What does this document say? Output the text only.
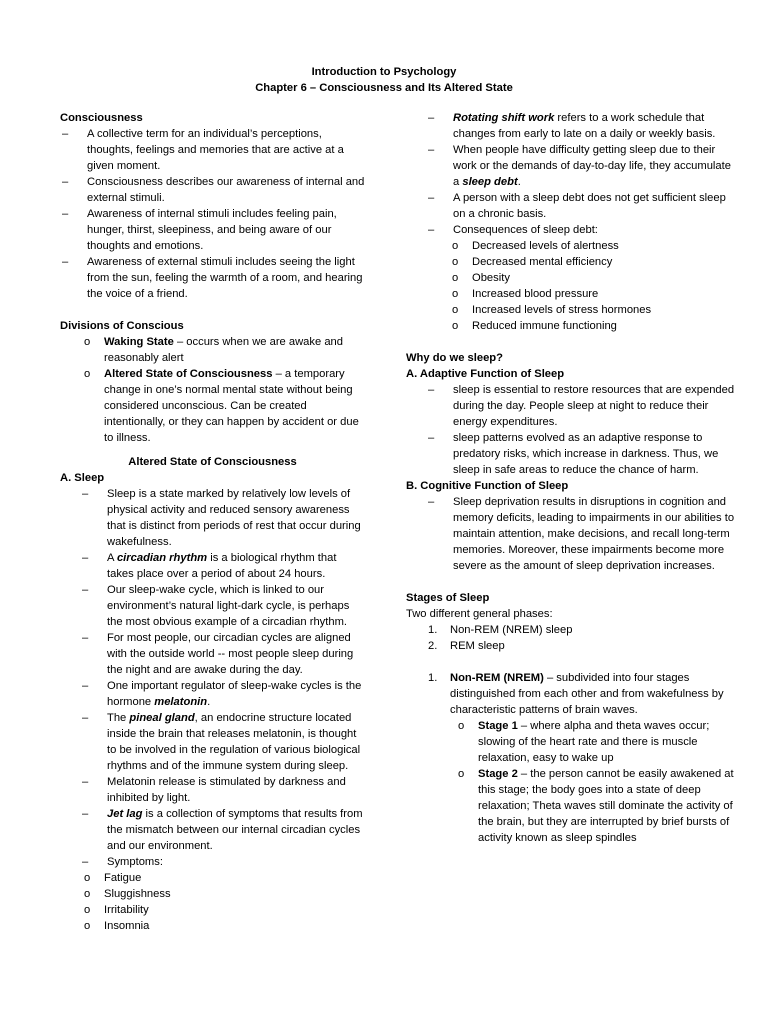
Introduction to Psychology
Chapter 6 – Consciousness and Its Altered State

Consciousness

– A collective term for an individual’s perceptions, thoughts, feelings and memories that are active at a given moment.
– Consciousness describes our awareness of internal and external stimuli.
– Awareness of internal stimuli includes feeling pain, hunger, thirst, sleepiness, and being aware of our thoughts and emotions.
– Awareness of external stimuli includes seeing the light from the sun, feeling the warmth of a room, and hearing the voice of a friend.

Divisions of Conscious

o Waking State – occurs when we are awake and reasonably alert
o Altered State of Consciousness – a temporary change in one’s normal mental state without being considered unconscious. Can be created intentionally, or they can happen by accident or due to illness.

Altered State of Consciousness

A. Sleep

– Sleep is a state marked by relatively low levels of physical activity and reduced sensory awareness that is distinct from periods of rest that occur during wakefulness.
– A circadian rhythm is a biological rhythm that takes place over a period of about 24 hours.
– Our sleep-wake cycle, which is linked to our environment’s natural light-dark cycle, is perhaps the most obvious example of a circadian rhythm.
– For most people, our circadian cycles are aligned with the outside world -- most people sleep during the night and are awake during the day.
– One important regulator of sleep-wake cycles is the hormone melatonin.
– The pineal gland, an endocrine structure located inside the brain that releases melatonin, is thought to be involved in the regulation of various biological rhythms and of the immune system during sleep.
– Melatonin release is stimulated by darkness and inhibited by light.
– Jet lag is a collection of symptoms that results from the mismatch between our internal circadian cycles and our environment.
– Symptoms:
o Fatigue
o Sluggishness
o Irritability
o Insomnia
– Rotating shift work refers to a work schedule that changes from early to late on a daily or weekly basis.
– When people have difficulty getting sleep due to their work or the demands of day-to-day life, they accumulate a sleep debt.
– A person with a sleep debt does not get sufficient sleep on a chronic basis.
– Consequences of sleep debt:
o Decreased levels of alertness
o Decreased mental efficiency
o Obesity
o Increased blood pressure
o Increased levels of stress hormones
o Reduced immune functioning

Why do we sleep?

A. Adaptive Function of Sleep

– sleep is essential to restore resources that are expended during the day. People sleep at night to reduce their energy expenditures.
– sleep patterns evolved as an adaptive response to predatory risks, which increase in darkness. Thus, we sleep in safe areas to reduce the chance of harm.

B. Cognitive Function of Sleep

– Sleep deprivation results in disruptions in cognition and memory deficits, leading to impairments in our abilities to maintain attention, make decisions, and recall long-term memories. Moreover, these impairments become more severe as the amount of sleep deprivation increases.

Stages of Sleep

Two different general phases:

1. Non-REM (NREM) sleep
2. REM sleep
1. Non-REM (NREM) – subdivided into four stages distinguished from each other and from wakefulness by characteristic patterns of brain waves.
o Stage 1 – where alpha and theta waves occur; slowing of the heart rate and there is muscle relaxation, easy to wake up
o Stage 2 – the person cannot be easily awakened at this stage; the body goes into a state of deep relaxation; Theta waves still dominate the activity of the brain, but they are interrupted by brief bursts of activity known as sleep spindles
